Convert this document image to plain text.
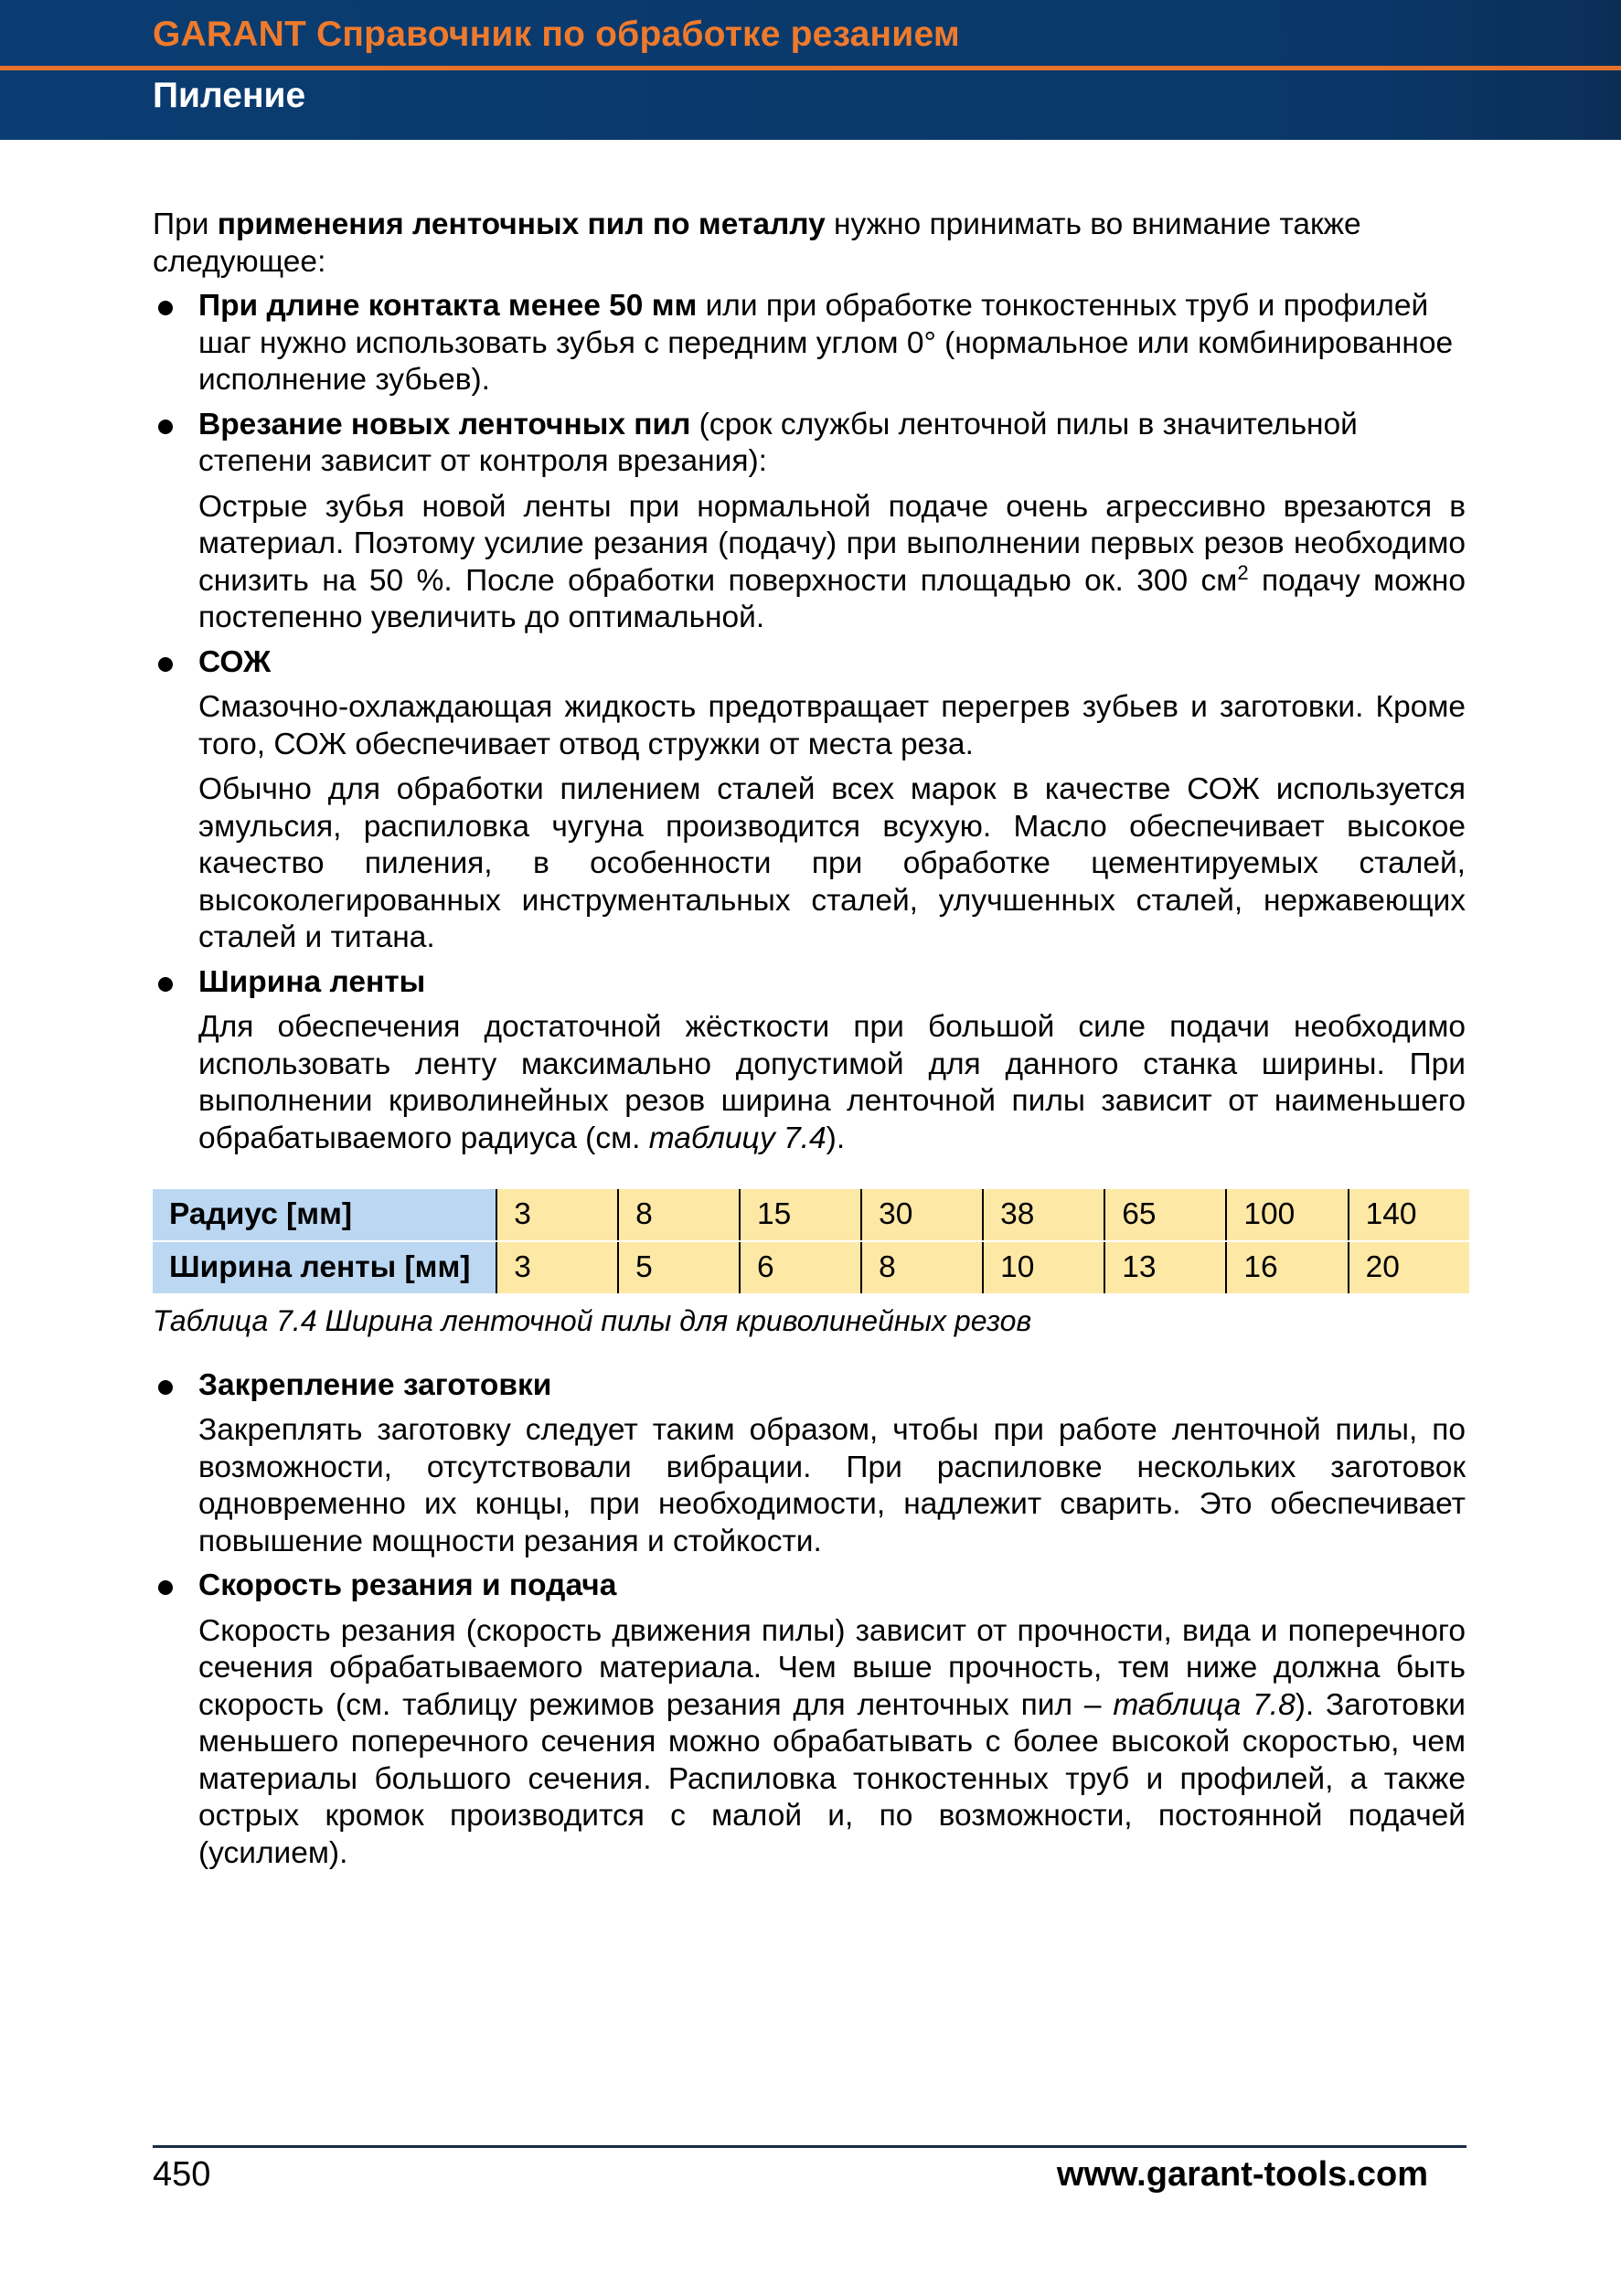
GARANT Справочник по обработке резанием
Пиление

При применения ленточных пил по металлу нужно принимать во внимание также следующее:

При длине контакта менее 50 мм или при обработке тонкостенных труб и профилей шаг нужно использовать зубья с передним углом 0° (нормальное или комбинированное исполнение зубьев).

Врезание новых ленточных пил (срок службы ленточной пилы в значительной степени зависит от контроля врезания):

Острые зубья новой ленты при нормальной подаче очень агрессивно врезаются в материал. Поэтому усилие резания (подачу) при выполнении первых резов необходимо снизить на 50 %. После обработки поверхности площадью ок. 300 $см^2$ подачу можно постепенно увеличить до оптимальной.

СОЖ

Смазочно-охлаждающая жидкость предотвращает перегрев зубьев и заготовки. Кроме того, СОЖ обеспечивает отвод стружки от места реза.

Обычно для обработки пилением сталей всех марок в качестве СОЖ используется эмульсия, распиловка чугуна производится всухую. Масло обеспечивает высокое качество пиления, в особенности при обработке цементируемых сталей, высоколегированных инструментальных сталей, улучшенных сталей, нержавеющих сталей и титана.

Ширина ленты

Для обеспечения достаточной жёсткости при большой силе подачи необходимо использовать ленту максимально допустимой для данного станка ширины. При выполнении криволинейных резов ширина ленточной пилы зависит от наименьшего обрабатываемого радиуса (см. таблицу 7.4).

Радиус [мм]	3	8	15	30	38	65	100	140
Ширина ленты [мм]	3	5	6	8	10	13	16	20

Таблица 7.4 Ширина ленточной пилы для криволинейных резов

Закрепление заготовки

Закреплять заготовку следует таким образом, чтобы при работе ленточной пилы, по возможности, отсутствовали вибрации. При распиловке нескольких заготовок одновременно их концы, при необходимости, надлежит сварить. Это обеспечивает повышение мощности резания и стойкости.

Скорость резания и подача

Скорость резания (скорость движения пилы) зависит от прочности, вида и поперечного сечения обрабатываемого материала. Чем выше прочность, тем ниже должна быть скорость (см. таблицу режимов резания для ленточных пил – таблица 7.8). Заготовки меньшего поперечного сечения можно обрабатывать с более высокой скоростью, чем материалы большого сечения. Распиловка тонкостенных труб и профилей, а также острых кромок производится с малой и, по возможности, постоянной подачей (усилием).

450	www.garant-tools.com
